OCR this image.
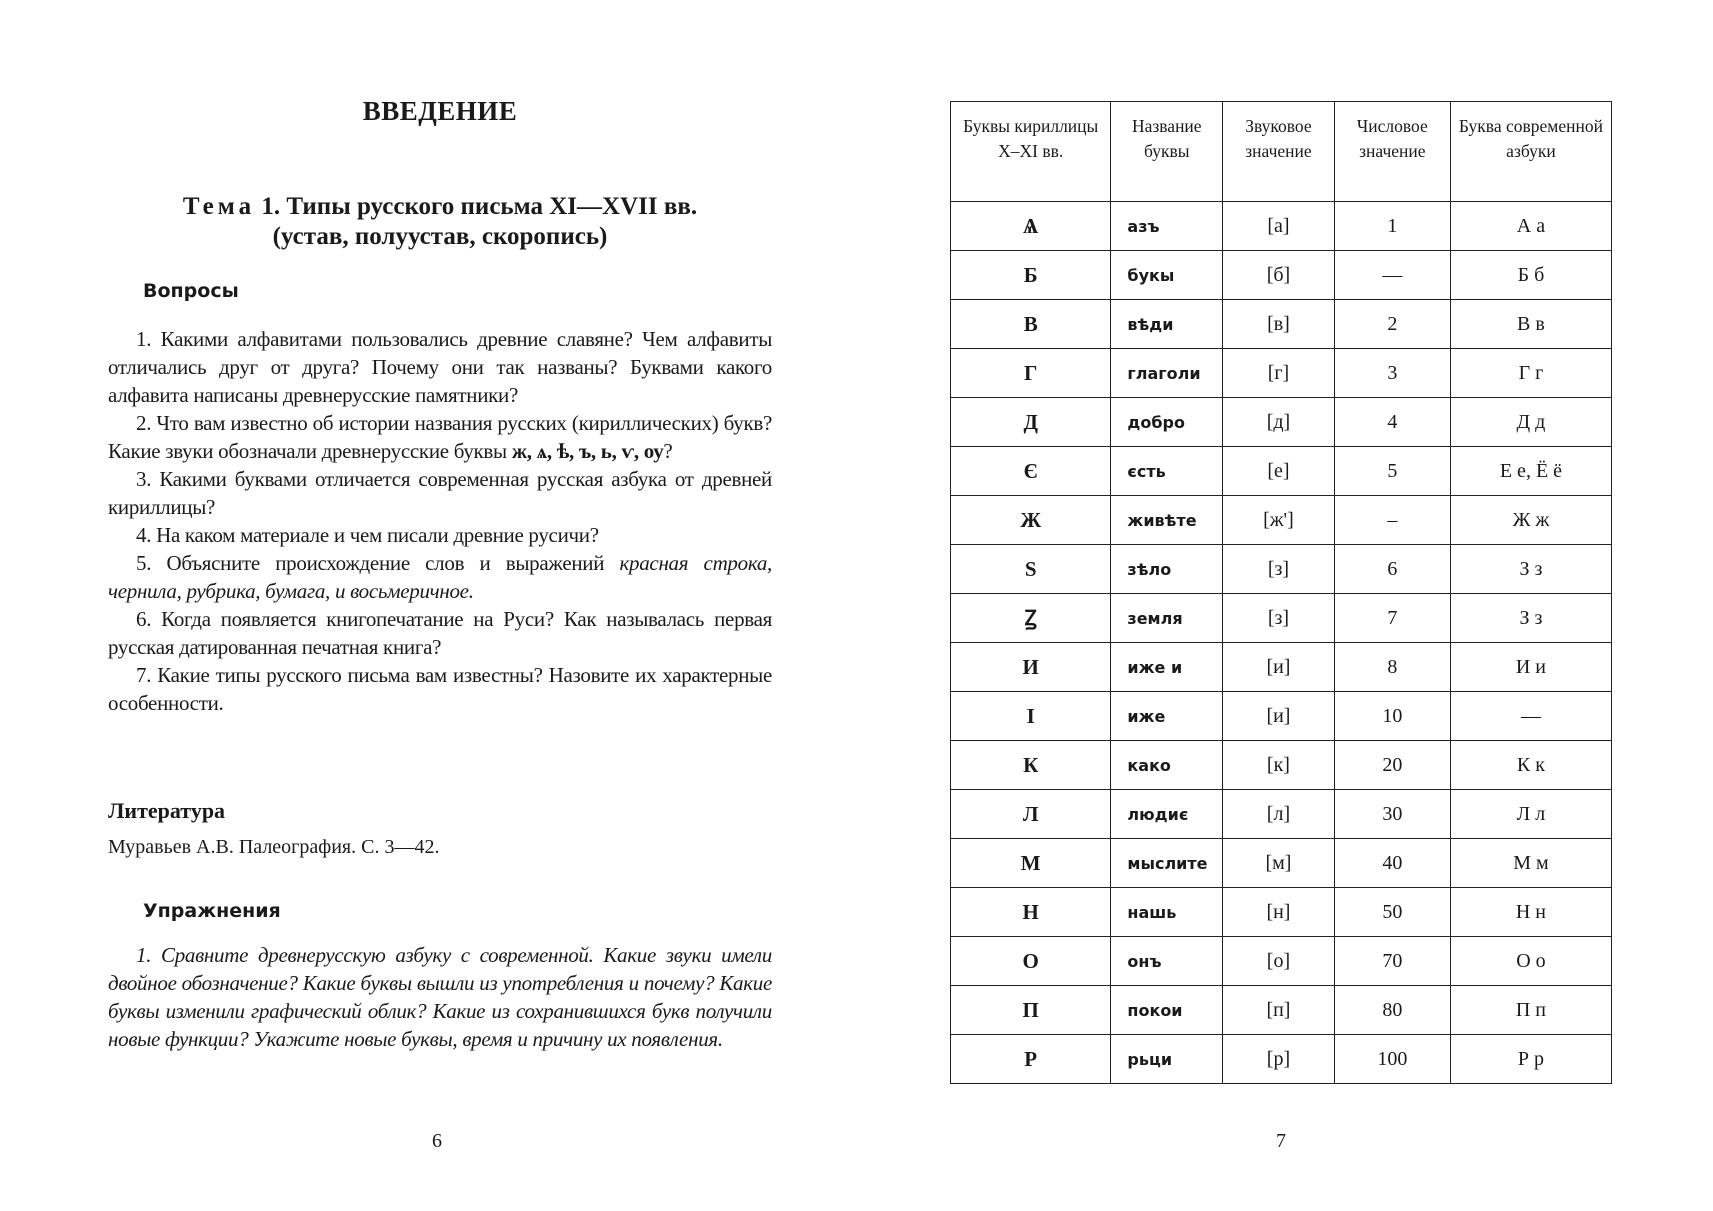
ВВЕДЕНИЕ
Тема 1. Типы русского письма XI—XVII вв.
(устав, полуустав, скоропись)
Вопросы

1. Какими алфавитами пользовались древние славяне? Чем алфавиты отличались друг от друга? Почему они так названы? Буквами какого алфавита написаны древнерусские памятники?

2. Что вам известно об истории названия русских (кириллических) букв? Какие звуки обозначали древнерусские буквы ж, ѧ, ѣ, ъ, ь, ѵ, оу?

3. Какими буквами отличается современная русская азбука от древней кириллицы?

4. На каком материале и чем писали древние русичи?

5. Объясните происхождение слов и выражений красная строка, чернила, рубрика, бумага, и восьмеричное.

6. Когда появляется книгопечатание на Руси? Как называлась первая русская датированная печатная книга?

7. Какие типы русского письма вам известны? Назовите их характерные особенности.

Литература
Муравьев А.В. Палеография. С. 3—42.
Упражнения

1. Сравните древнерусскую азбуку с современной. Какие звуки имели двойное обозначение? Какие буквы вышли из употребления и почему? Какие буквы изменили графический облик? Какие из сохранившихся букв получили новые функции? Укажите новые буквы, время и причину их появления.

6
Буквы кириллицы X–XI вв.	Название буквы	Звуковое значение	Числовое значение	Буква современной азбуки
Ѧ	азъ	[а]	1	А а
Б	букы	[б]	—	Б б
В	вѣди	[в]	2	В в
Г	глаголи	[г]	3	Г г
Д	добро	[д]	4	Д д
Є	єсть	[е]	5	Е е, Ё ё
Ж	живѣте	[ж']	–	Ж ж
Ѕ	зѣло	[з]	6	З з
Ꙁ	земля	[з]	7	З з
И	иже и	[и]	8	И и
І	иже	[и]	10	—
К	како	[к]	20	К к
Л	людиє	[л]	30	Л л
М	мыслите	[м]	40	М м
Н	нашь	[н]	50	Н н
О	онъ	[о]	70	О о
П	покои	[п]	80	П п
Р	рьци	[р]	100	Р р
7
